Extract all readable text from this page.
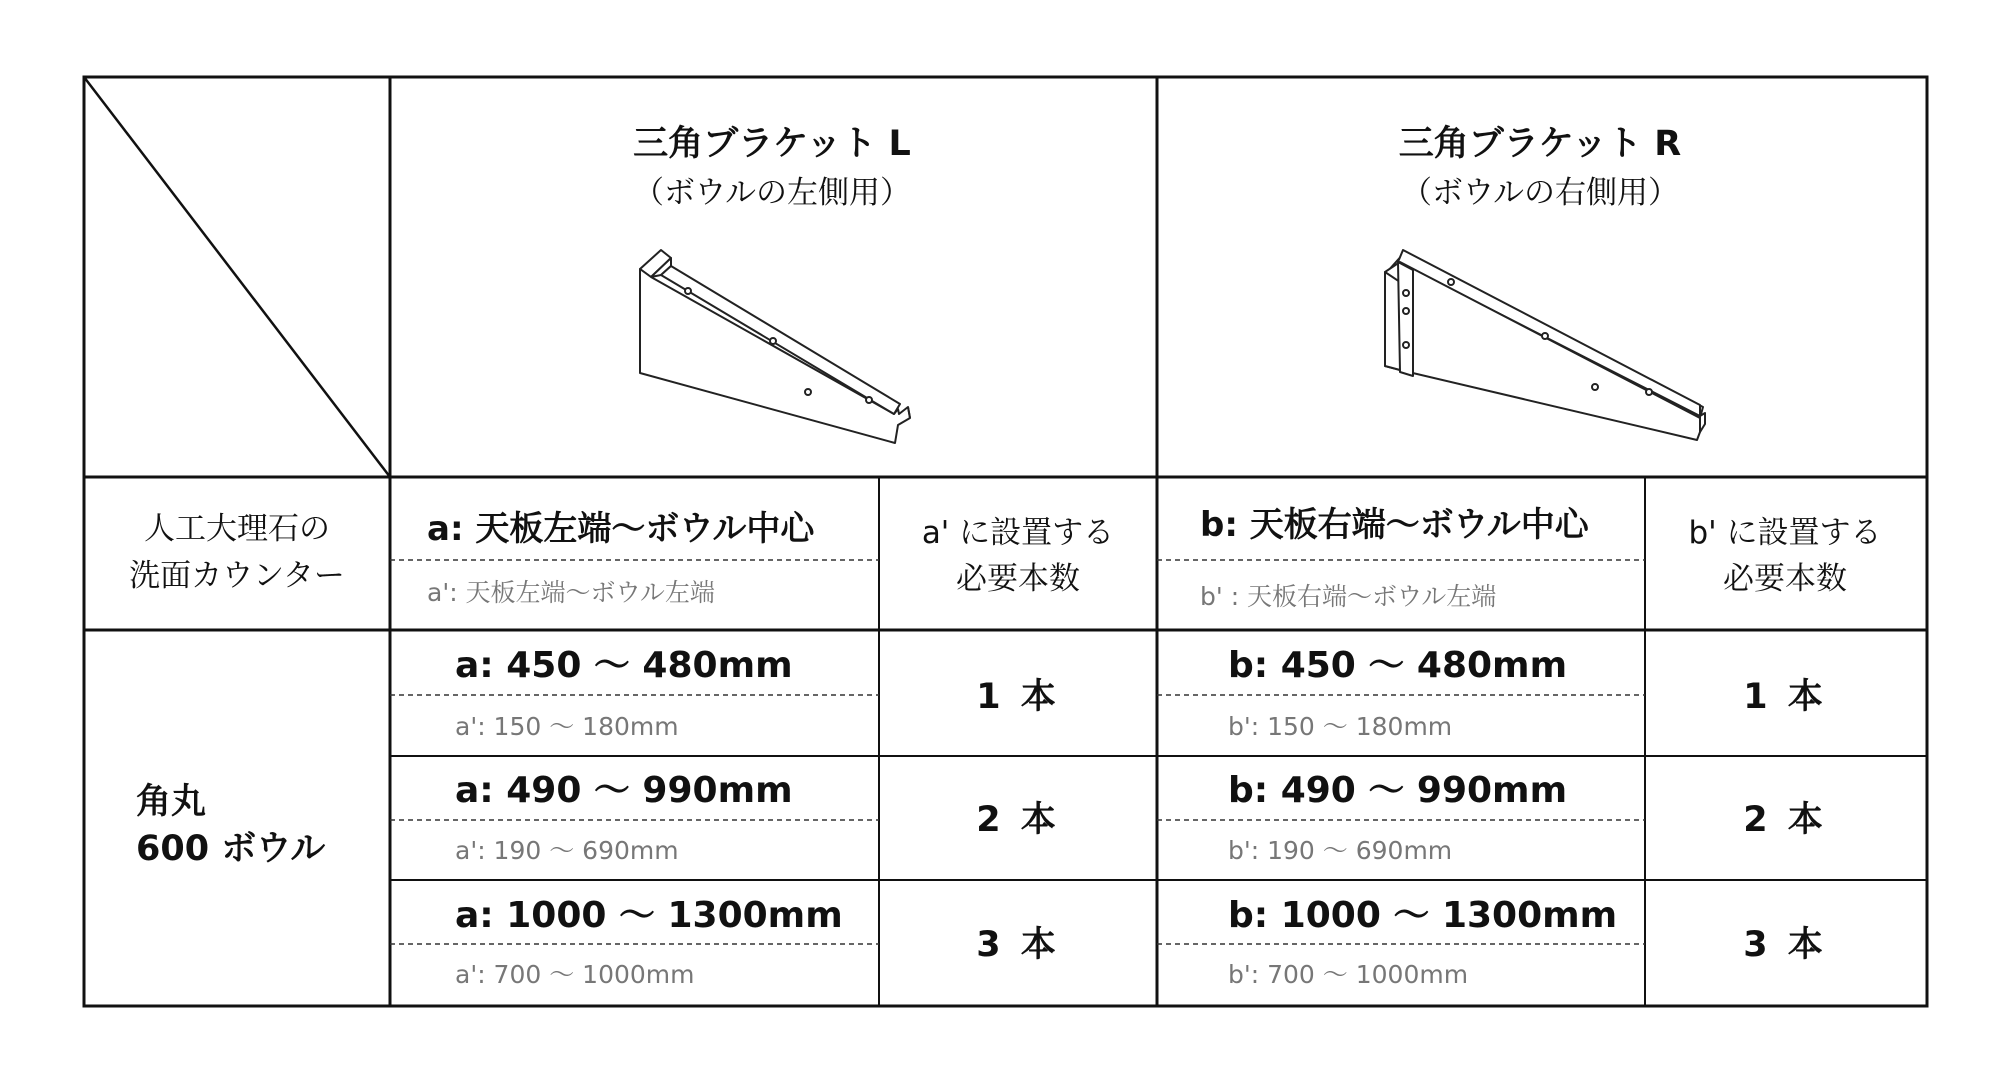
三角ブラケット L
（ボウルの左側用）
三角ブラケット R
（ボウルの右側用）
人工大理石の
洗面カウンター
角丸
600 ボウル
a: 天板左端～ボウル中心
a': 天板左端～ボウル左端
a' に設置する
必要本数
b: 天板右端～ボウル中心
b' : 天板右端～ボウル左端
b' に設置する
必要本数
a: 450 ～ 480mm
a': 150 ～ 180mm
1 本
a: 490 ～ 990mm
a': 190 ～ 690mm
2 本
a: 1000 ～ 1300mm
a': 700 ～ 1000mm
3 本
b: 450 ～ 480mm
b': 150 ～ 180mm
1 本
b: 490 ～ 990mm
b': 190 ～ 690mm
2 本
b: 1000 ～ 1300mm
b': 700 ～ 1000mm
3 本
